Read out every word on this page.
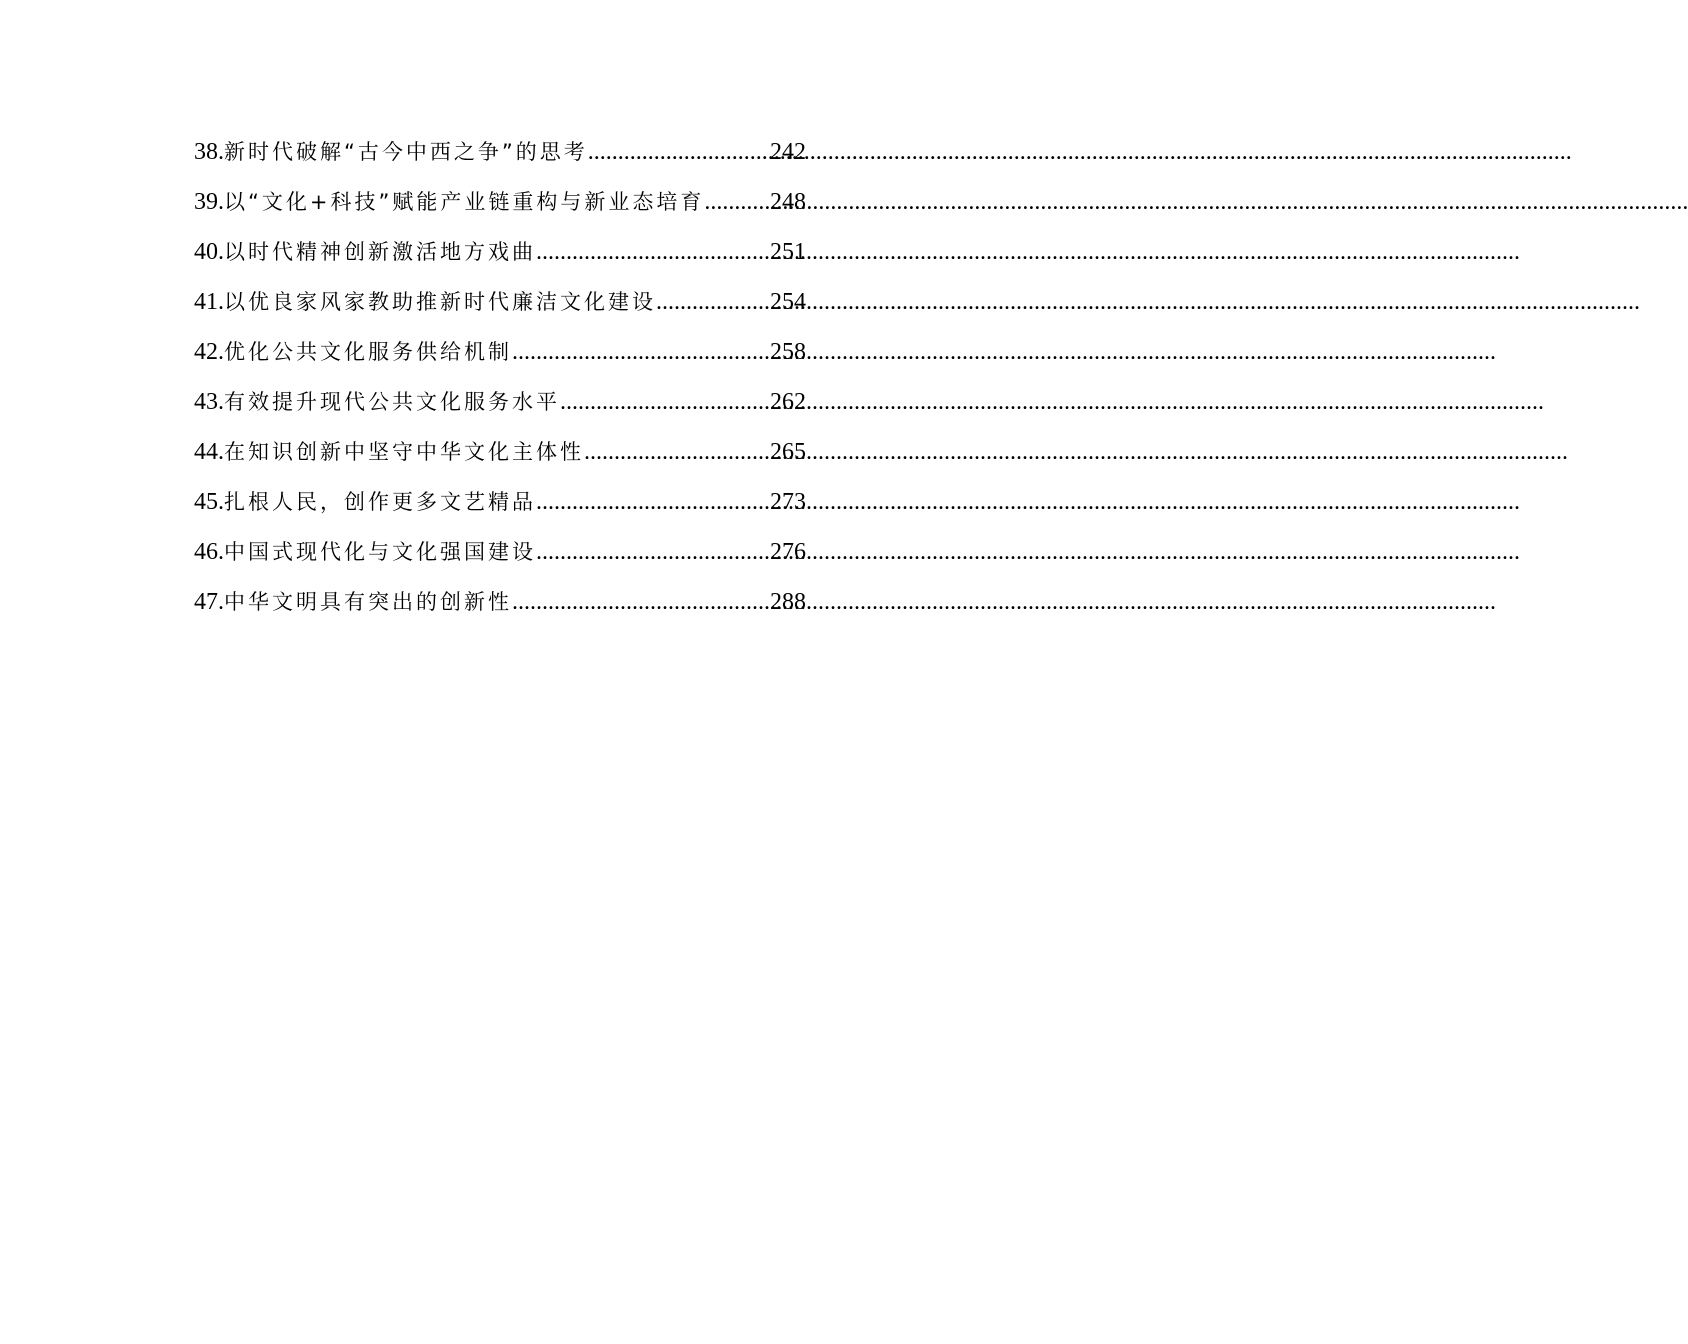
38. 新时代破解“古今中西之争”的思考 .....	242
39. 以“文化+科技”赋能产业链重构与新业态培育 .....	248
40. 以时代精神创新激活地方戏曲 .....	251
41. 以优良家风家教助推新时代廉洁文化建设 .....	254
42. 优化公共文化服务供给机制 .....	258
43. 有效提升现代公共文化服务水平 .....	262
44. 在知识创新中坚守中华文化主体性 .....	265
45. 扎根人民，创作更多文艺精品 .....	273
46. 中国式现代化与文化强国建设 .....	276
47. 中华文明具有突出的创新性 .....	288
